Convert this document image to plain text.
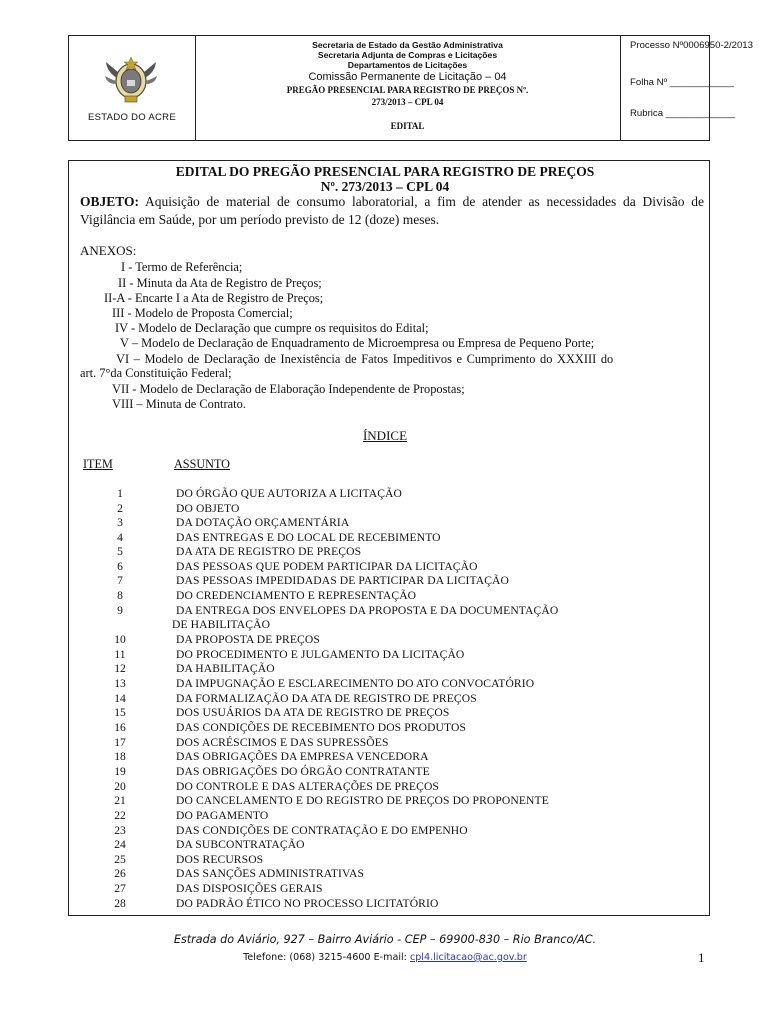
ESTADO DO ACRE
Secretaria de Estado da Gestão Administrativa
Secretaria Adjunta de Compras e Licitações
Departamentos de Licitações
Comissão Permanente de Licitação – 04
PREGÃO PRESENCIAL PARA REGISTRO DE PREÇOS Nº.
273/2013 – CPL 04
EDITAL
Processo Nº0006950-2/2013
Folha Nº ____________
Rubrica _____________
EDITAL DO PREGÃO PRESENCIAL PARA REGISTRO DE PREÇOS
Nº. 273/2013 – CPL 04
OBJETO: Aquisição de material de consumo laboratorial, a fim de atender as necessidades da Divisão de Vigilância em Saúde, por um período previsto de 12 (doze) meses.
ANEXOS:
I - Termo de Referência;
II - Minuta da Ata de Registro de Preços;
II-A - Encarte I a Ata de Registro de Preços;
III - Modelo de Proposta Comercial;
IV - Modelo de Declaração que cumpre os requisitos do Edital;
V – Modelo de Declaração de Enquadramento de Microempresa ou Empresa de Pequeno Porte;
VI – Modelo de Declaração de Inexistência de Fatos Impeditivos e Cumprimento do XXXIII do
art. 7°da Constituição Federal;
VII - Modelo de Declaração de Elaboração Independente de Propostas;
VIII – Minuta de Contrato.
ÍNDICE
ITEM	ASSUNTO
1	DO ÓRGÃO QUE AUTORIZA A LICITAÇÃO
2	DO OBJETO
3	DA DOTAÇÃO ORÇAMENTÁRIA
4	DAS ENTREGAS E DO LOCAL DE RECEBIMENTO
5	DA ATA DE REGISTRO DE PREÇOS
6	DAS PESSOAS QUE PODEM PARTICIPAR DA LICITAÇÃO
7	DAS PESSOAS IMPEDIDADAS DE PARTICIPAR DA LICITAÇÃO
8	DO CREDENCIAMENTO E REPRESENTAÇÃO
9	DA ENTREGA DOS ENVELOPES DA PROPOSTA E DA DOCUMENTAÇÃO
DE HABILITAÇÃO
10	DA PROPOSTA DE PREÇOS
11	DO PROCEDIMENTO E JULGAMENTO DA LICITAÇÃO
12	DA HABILITAÇÃO
13	DA IMPUGNAÇÃO E ESCLARECIMENTO DO ATO CONVOCATÓRIO
14	DA FORMALIZAÇÃO DA ATA DE REGISTRO DE PREÇOS
15	DOS USUÁRIOS DA ATA DE REGISTRO DE PREÇOS
16	DAS CONDIÇÕES DE RECEBIMENTO DOS PRODUTOS
17	DOS ACRÉSCIMOS E DAS SUPRESSÕES
18	DAS OBRIGAÇÕES DA EMPRESA VENCEDORA
19	DAS OBRIGAÇÕES DO ÓRGÃO CONTRATANTE
20	DO CONTROLE E DAS ALTERAÇÕES DE PREÇOS
21	DO CANCELAMENTO E DO REGISTRO DE PREÇOS DO PROPONENTE
22	DO PAGAMENTO
23	DAS CONDIÇÕES DE CONTRATAÇÃO E DO EMPENHO
24	DA SUBCONTRATAÇÃO
25	DOS RECURSOS
26	DAS SANÇÕES ADMINISTRATIVAS
27	DAS DISPOSIÇÕES GERAIS
28	DO PADRÃO ÉTICO NO PROCESSO LICITATÓRIO
Estrada do Aviário, 927 – Bairro Aviário - CEP – 69900-830 – Rio Branco/AC.
Telefone: (068) 3215-4600 E-mail: cpl4.licitacao@ac.gov.br	1
